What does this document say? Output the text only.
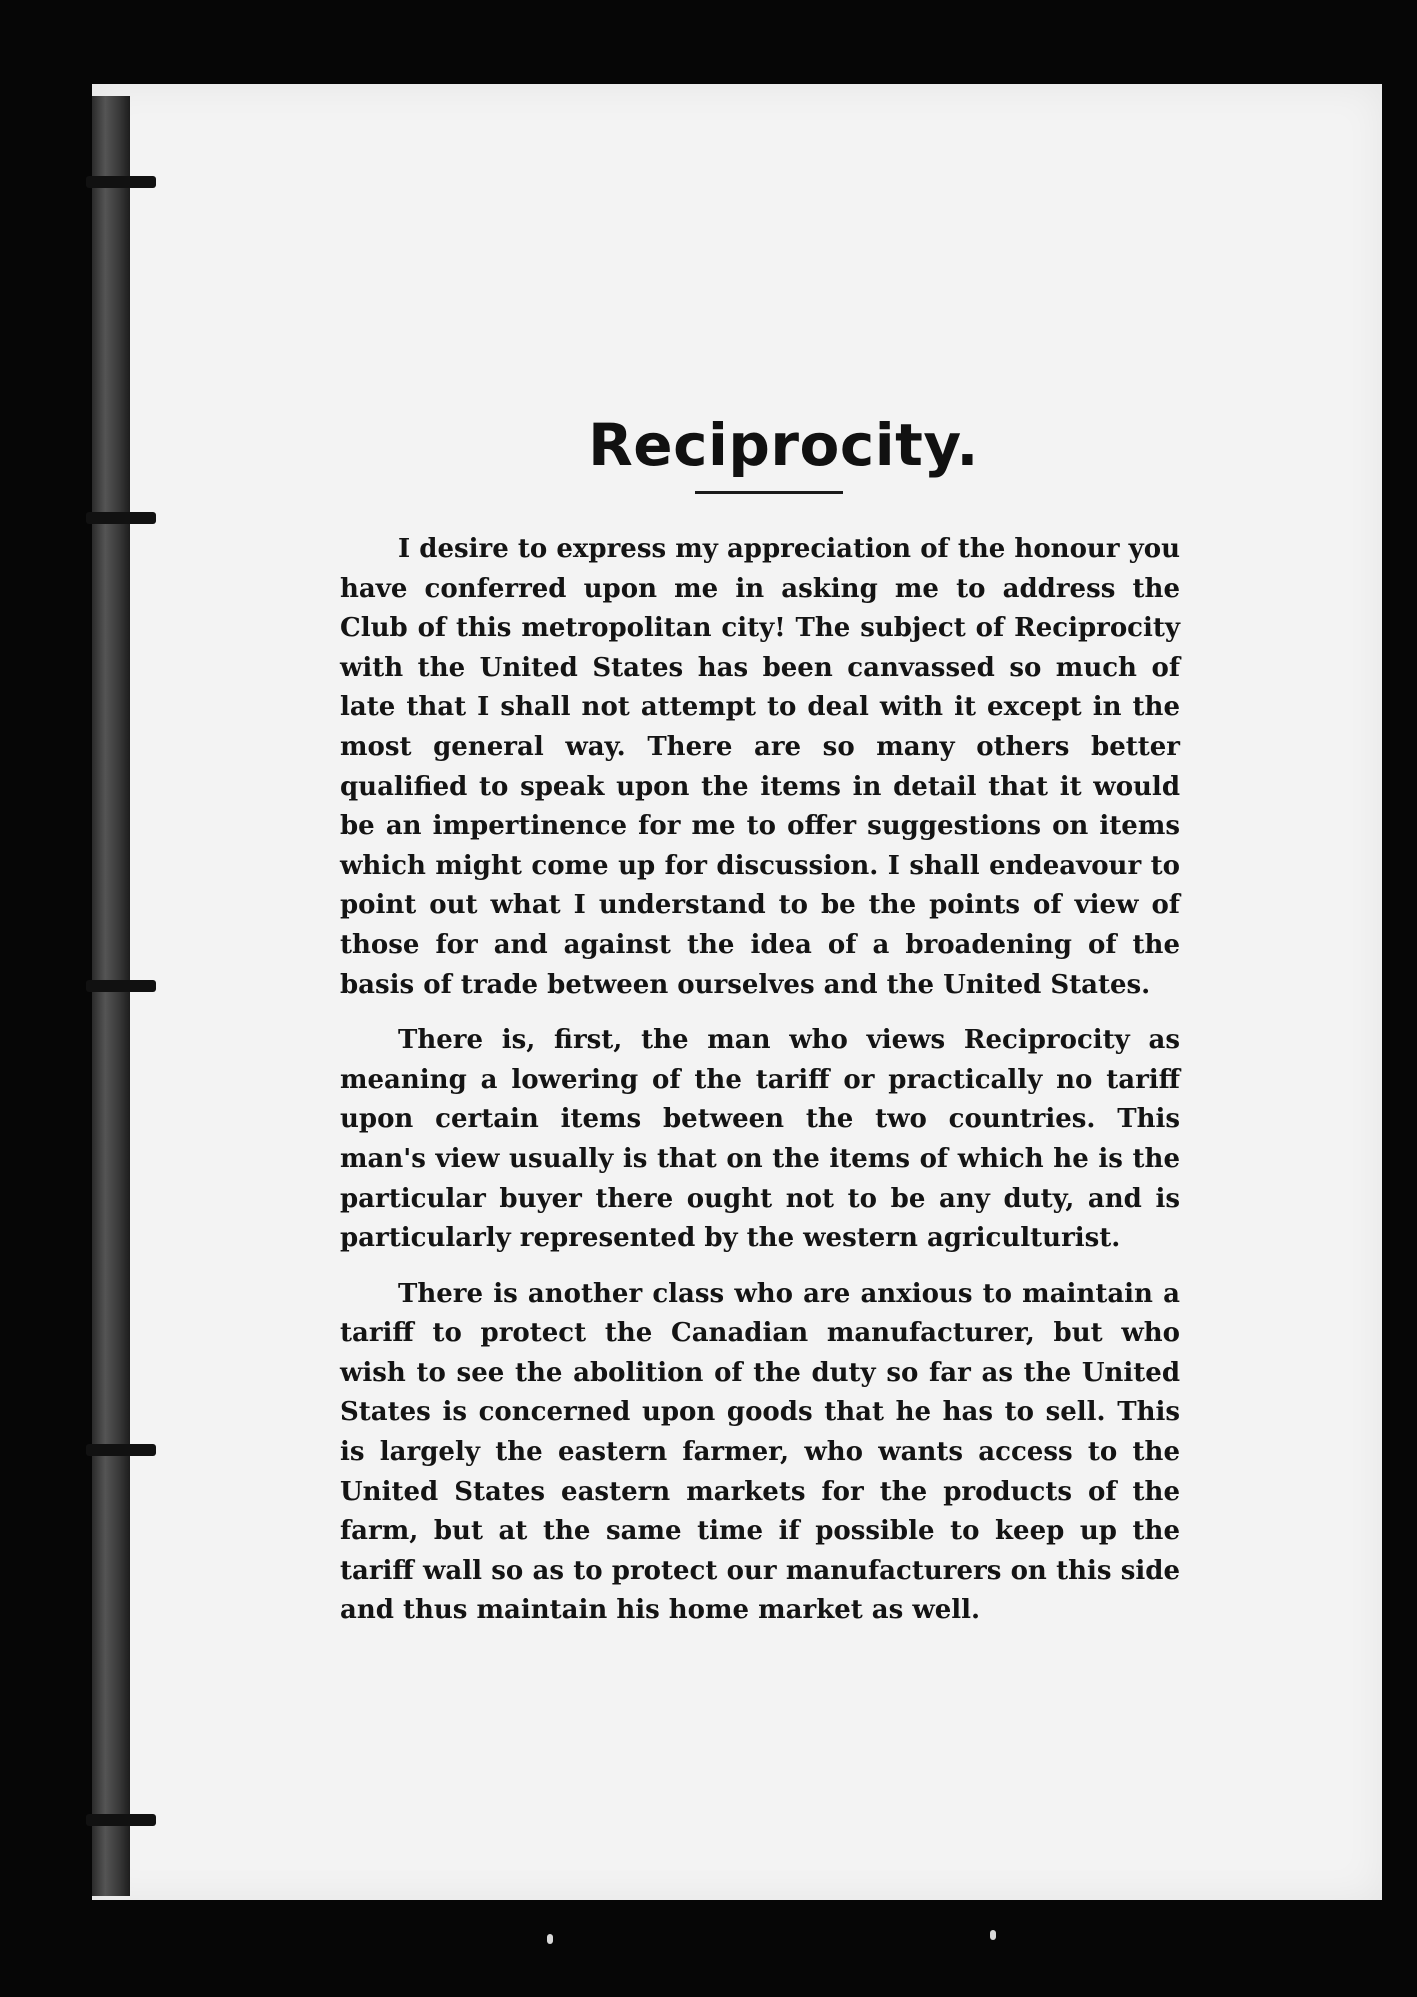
Reciprocity.

I desire to express my appreciation of the honour you have conferred upon me in asking me to address the Club of this metropolitan city! The subject of Reciprocity with the United States has been canvassed so much of late that I shall not attempt to deal with it except in the most general way. There are so many others better qualified to speak upon the items in detail that it would be an impertinence for me to offer suggestions on items which might come up for discussion. I shall endeavour to point out what I understand to be the points of view of those for and against the idea of a broadening of the basis of trade between ourselves and the United States.

There is, first, the man who views Reciprocity as meaning a lowering of the tariff or practically no tariff upon certain items between the two countries. This man's view usually is that on the items of which he is the particular buyer there ought not to be any duty, and is particularly represented by the western agriculturist.

There is another class who are anxious to maintain a tariff to protect the Canadian manufacturer, but who wish to see the abolition of the duty so far as the United States is concerned upon goods that he has to sell. This is largely the eastern farmer, who wants access to the United States eastern markets for the products of the farm, but at the same time if possible to keep up the tariff wall so as to protect our manufacturers on this side and thus maintain his home market as well.
